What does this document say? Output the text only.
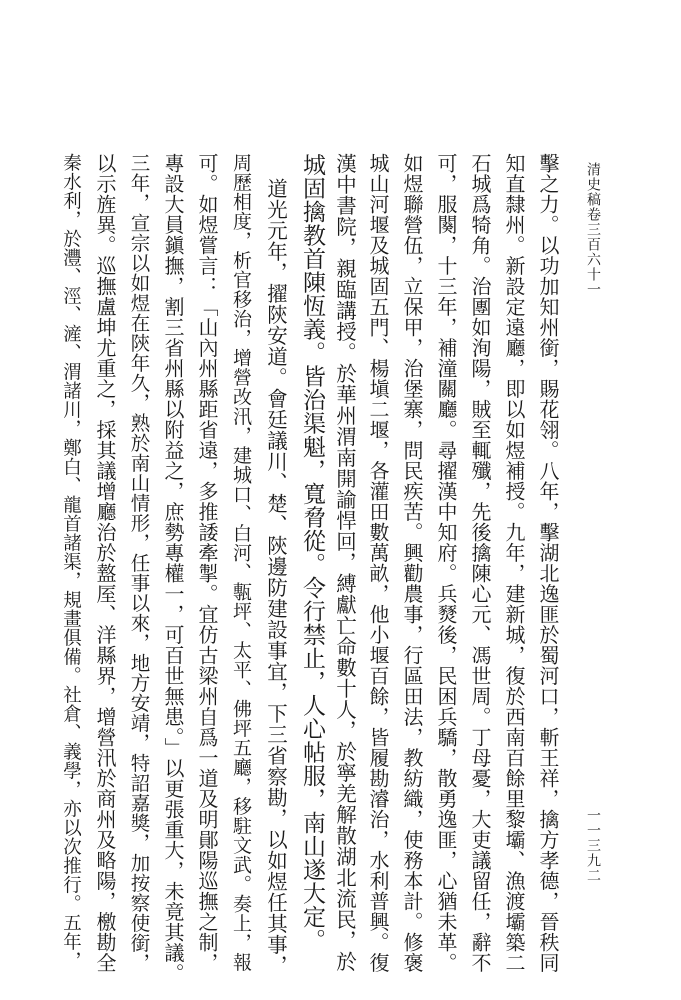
清史稿卷三百六十一
一一三九二
擊之力。以功加知州銜，賜花翎。八年，擊湖北逸匪於蜀河口，斬王祥，擒方孝德，晉秩同
知直隸州。新設定遠廳，即以如煜補授。九年，建新城，復於西南百餘里黎壩、漁渡壩築二
石城爲犄角。治團如洵陽，賊至輒殲，先後擒陳心元、馮世周。丁母憂，大吏議留任，辭不
可，服闋，十三年，補潼關廳。尋擢漢中知府。兵燹後，民困兵驕，散勇逸匪，心猶未革。
如煜聯營伍，立保甲，治堡寨，問民疾苦。興勸農事，行區田法，教紡織，使務本計。修褒
城山河堰及城固五門、楊塡二堰，各灌田數萬畝，他小堰百餘，皆履勘濬治，水利普興。復
漢中書院，親臨講授。於華州渭南開諭悍回，縛獻亡命數十人，於寧羌解散湖北流民，於
城固擒教首陳恆義。皆治渠魁，寬脅從。令行禁止，人心帖服，南山遂大定。
道光元年，擢陝安道。會廷議川、楚、陝邊防建設事宜，下三省察勘，以如煜任其事，
周歷相度，析官移治，增營改汛，建城口、白河、甎坪、太平、佛坪五廳，移駐文武。奏上，報
可。如煜嘗言：「山內州縣距省遠，多推諉牽掣。宜仿古梁州自爲一道及明鄖陽巡撫之制，
專設大員鎭撫，割三省州縣以附益之，庶勢專權一，可百世無患。」以更張重大，未竟其議。
三年，宣宗以如煜在陝年久，熟於南山情形，任事以來，地方安靖，特詔嘉獎，加按察使銜，
以示旌異。巡撫盧坤尤重之，採其議增廳治於盩厔、洋縣界，增營汛於商州及略陽，檄勘全
秦水利，於灃、涇、滻、渭諸川，鄭白、龍首諸渠，規畫俱備。社倉、義學，亦以次推行。五年，
